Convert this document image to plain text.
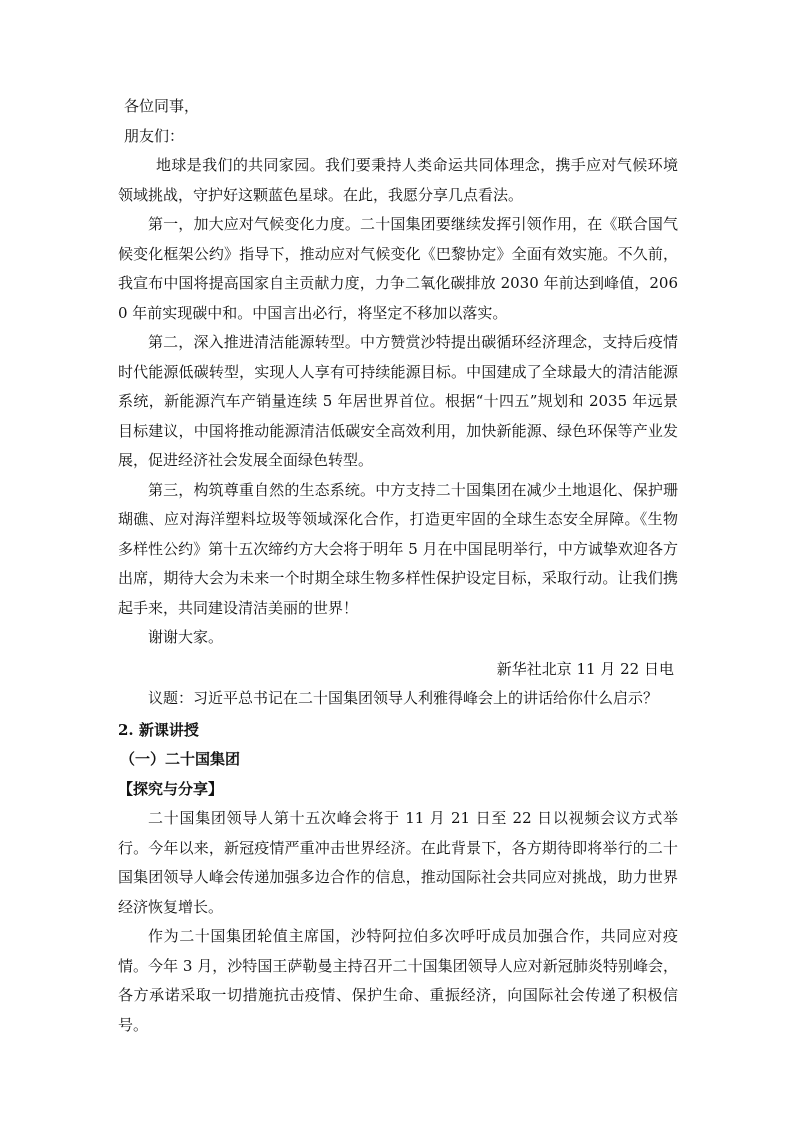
各位同事，

朋友们：

地球是我们的共同家园。我们要秉持人类命运共同体理念，携手应对气候环境领域挑战，守护好这颗蓝色星球。在此，我愿分享几点看法。

第一，加大应对气候变化力度。二十国集团要继续发挥引领作用，在《联合国气候变化框架公约》指导下，推动应对气候变化《巴黎协定》全面有效实施。不久前，我宣布中国将提高国家自主贡献力度，力争二氧化碳排放 2030 年前达到峰值，2060 年前实现碳中和。中国言出必行，将坚定不移加以落实。

第二，深入推进清洁能源转型。中方赞赏沙特提出碳循环经济理念，支持后疫情时代能源低碳转型，实现人人享有可持续能源目标。中国建成了全球最大的清洁能源系统，新能源汽车产销量连续 5 年居世界首位。根据“十四五”规划和 2035 年远景目标建议，中国将推动能源清洁低碳安全高效利用，加快新能源、绿色环保等产业发展，促进经济社会发展全面绿色转型。

第三，构筑尊重自然的生态系统。中方支持二十国集团在减少土地退化、保护珊瑚礁、应对海洋塑料垃圾等领域深化合作，打造更牢固的全球生态安全屏障。《生物多样性公约》第十五次缔约方大会将于明年 5 月在中国昆明举行，中方诚挚欢迎各方出席，期待大会为未来一个时期全球生物多样性保护设定目标，采取行动。让我们携起手来，共同建设清洁美丽的世界！

谢谢大家。

新华社北京 11 月 22 日电

议题：习近平总书记在二十国集团领导人利雅得峰会上的讲话给你什么启示？

2. 新课讲授

（一）二十国集团

【探究与分享】

二十国集团领导人第十五次峰会将于 11 月 21 日至 22 日以视频会议方式举行。今年以来，新冠疫情严重冲击世界经济。在此背景下，各方期待即将举行的二十国集团领导人峰会传递加强多边合作的信息，推动国际社会共同应对挑战，助力世界经济恢复增长。

作为二十国集团轮值主席国，沙特阿拉伯多次呼吁成员加强合作，共同应对疫情。今年 3 月，沙特国王萨勒曼主持召开二十国集团领导人应对新冠肺炎特别峰会，各方承诺采取一切措施抗击疫情、保护生命、重振经济，向国际社会传递了积极信号。
